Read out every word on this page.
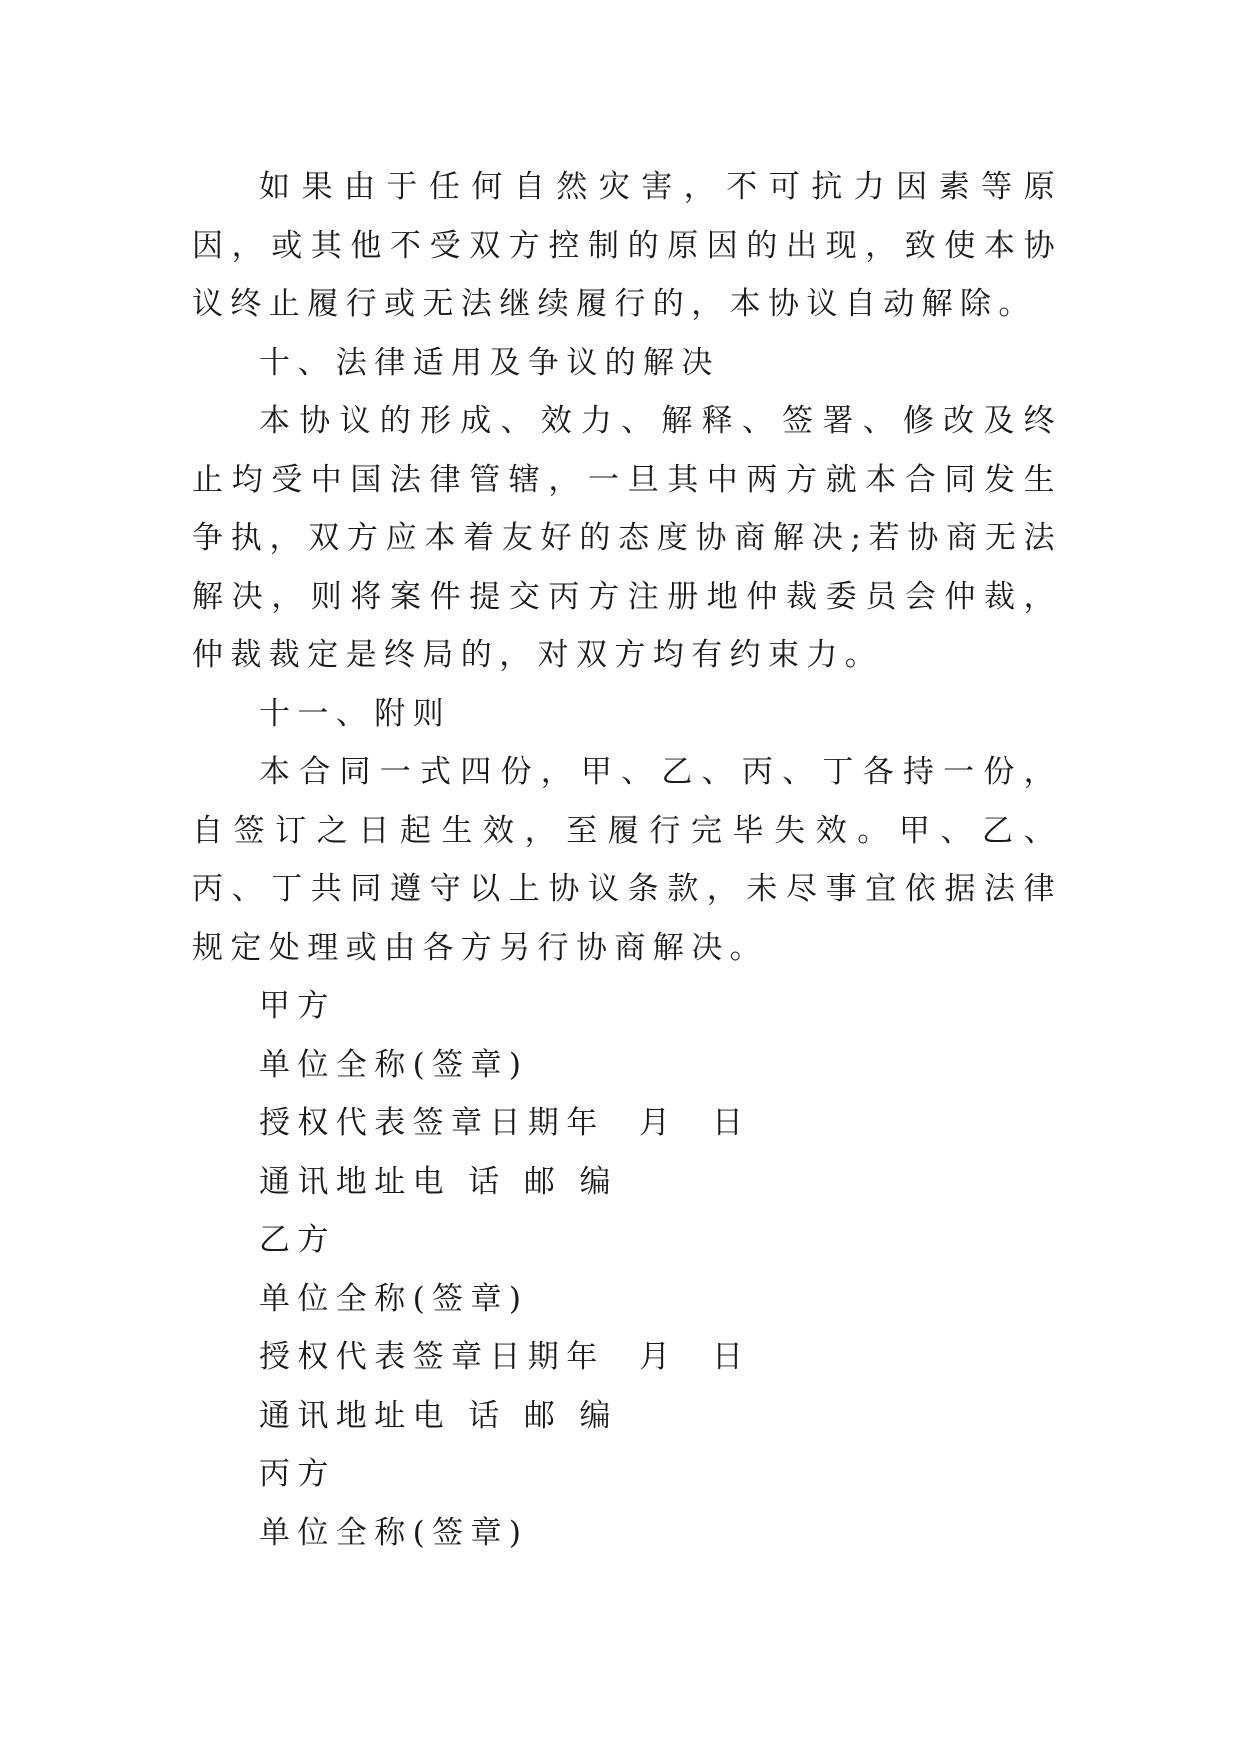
如果由于任何自然灾害，不可抗力因素等原因，或其他不受双方控制的原因的出现，致使本协议终止履行或无法继续履行的，本协议自动解除。

十、法律适用及争议的解决

本协议的形成、效力、解释、签署、修改及终止均受中国法律管辖，一旦其中两方就本合同发生争执，双方应本着友好的态度协商解决;若协商无法解决，则将案件提交丙方注册地仲裁委员会仲裁，仲裁裁定是终局的，对双方均有约束力。

十一、附则

本合同一式四份，甲、乙、丙、丁各持一份，自签订之日起生效，至履行完毕失效。甲、乙、丙、丁共同遵守以上协议条款，未尽事宜依据法律规定处理或由各方另行协商解决。

甲方
单位全称(签章)
授权代表签章日期年  月  日
通讯地址电 话 邮 编
乙方
单位全称(签章)
授权代表签章日期年  月  日
通讯地址电 话 邮 编
丙方
单位全称(签章)
